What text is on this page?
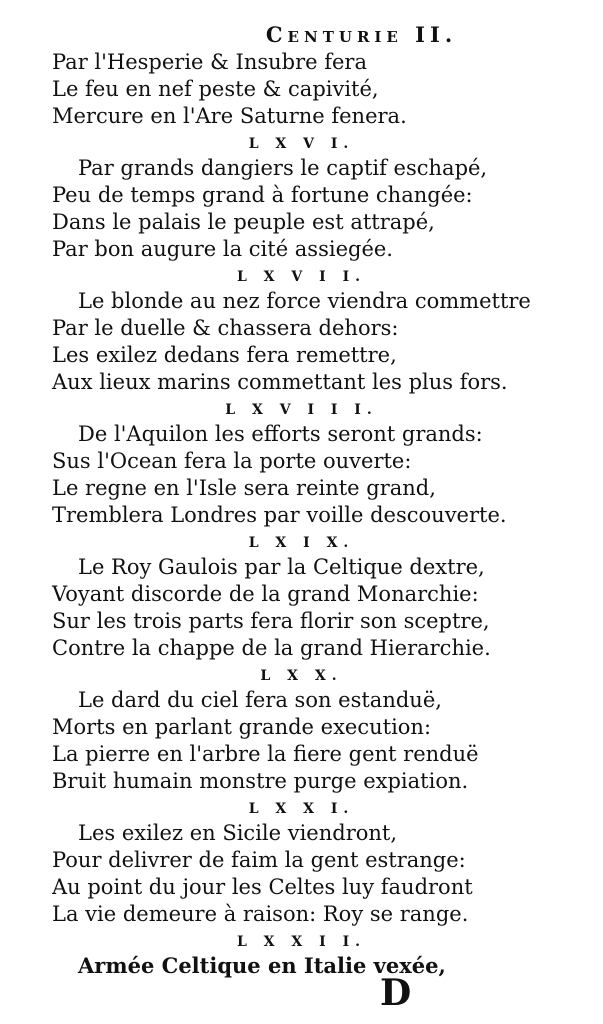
Centurie II.
Par l'Hesperie & Insubre fera
Le feu en nef peste & capivité,
Mercure en l'Are Saturne fenera.
L X V I.
Par grands dangiers le captif eschapé,
Peu de temps grand à fortune changée:
Dans le palais le peuple est attrapé,
Par bon augure la cité assiegée.
L X V I I.
Le blonde au nez force viendra commettre
Par le duelle & chassera dehors:
Les exilez dedans fera remettre,
Aux lieux marins commettant les plus fors.
L X V I I I.
De l'Aquilon les efforts seront grands:
Sus l'Ocean fera la porte ouverte:
Le regne en l'Isle sera reinte grand,
Tremblera Londres par voille descouverte.
L X I X.
Le Roy Gaulois par la Celtique dextre,
Voyant discorde de la grand Monarchie:
Sur les trois parts fera florir son sceptre,
Contre la chappe de la grand Hierarchie.
L X X.
Le dard du ciel fera son estanduë,
Morts en parlant grande execution:
La pierre en l'arbre la fiere gent renduë
Bruit humain monstre purge expiation.
L X X I.
Les exilez en Sicile viendront,
Pour delivrer de faim la gent estrange:
Au point du jour les Celtes luy faudront
La vie demeure à raison: Roy se range.
L X X I I.
Armée Celtique en Italie vexée,
D
